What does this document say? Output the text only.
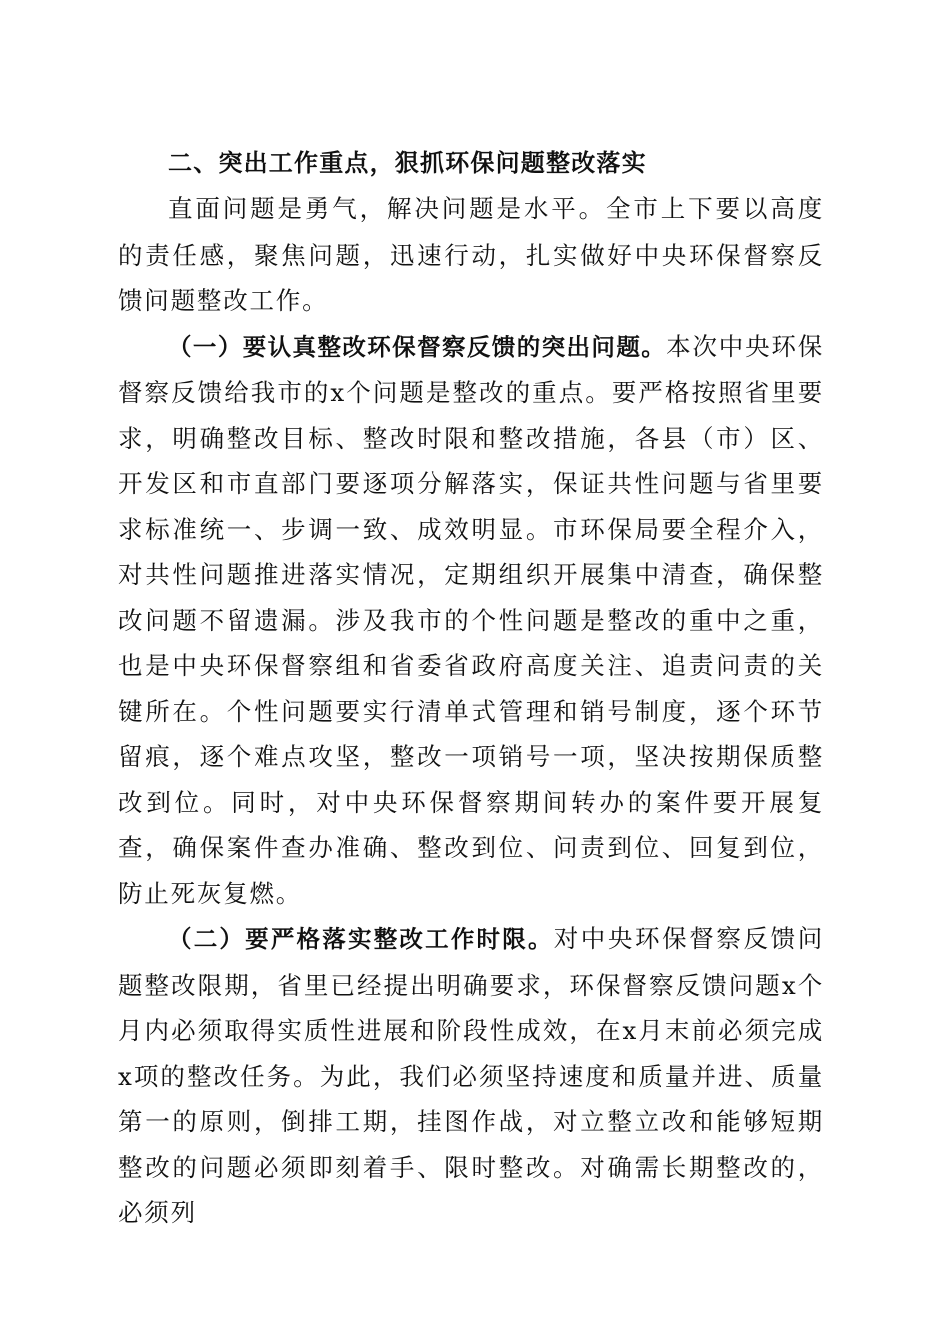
二、突出工作重点，狠抓环保问题整改落实

直面问题是勇气，解决问题是水平。全市上下要以高度的责任感，聚焦问题，迅速行动，扎实做好中央环保督察反馈问题整改工作。

（一）要认真整改环保督察反馈的突出问题。本次中央环保督察反馈给我市的x个问题是整改的重点。要严格按照省里要求，明确整改目标、整改时限和整改措施，各县（市）区、开发区和市直部门要逐项分解落实，保证共性问题与省里要求标准统一、步调一致、成效明显。市环保局要全程介入，对共性问题推进落实情况，定期组织开展集中清查，确保整改问题不留遗漏。涉及我市的个性问题是整改的重中之重，也是中央环保督察组和省委省政府高度关注、追责问责的关键所在。个性问题要实行清单式管理和销号制度，逐个环节留痕，逐个难点攻坚，整改一项销号一项，坚决按期保质整改到位。同时，对中央环保督察期间转办的案件要开展复查，确保案件查办准确、整改到位、问责到位、回复到位，防止死灰复燃。

（二）要严格落实整改工作时限。对中央环保督察反馈问题整改限期，省里已经提出明确要求，环保督察反馈问题x个月内必须取得实质性进展和阶段性成效，在x月末前必须完成x项的整改任务。为此，我们必须坚持速度和质量并进、质量第一的原则，倒排工期，挂图作战，对立整立改和能够短期整改的问题必须即刻着手、限时整改。对确需长期整改的，必须列
